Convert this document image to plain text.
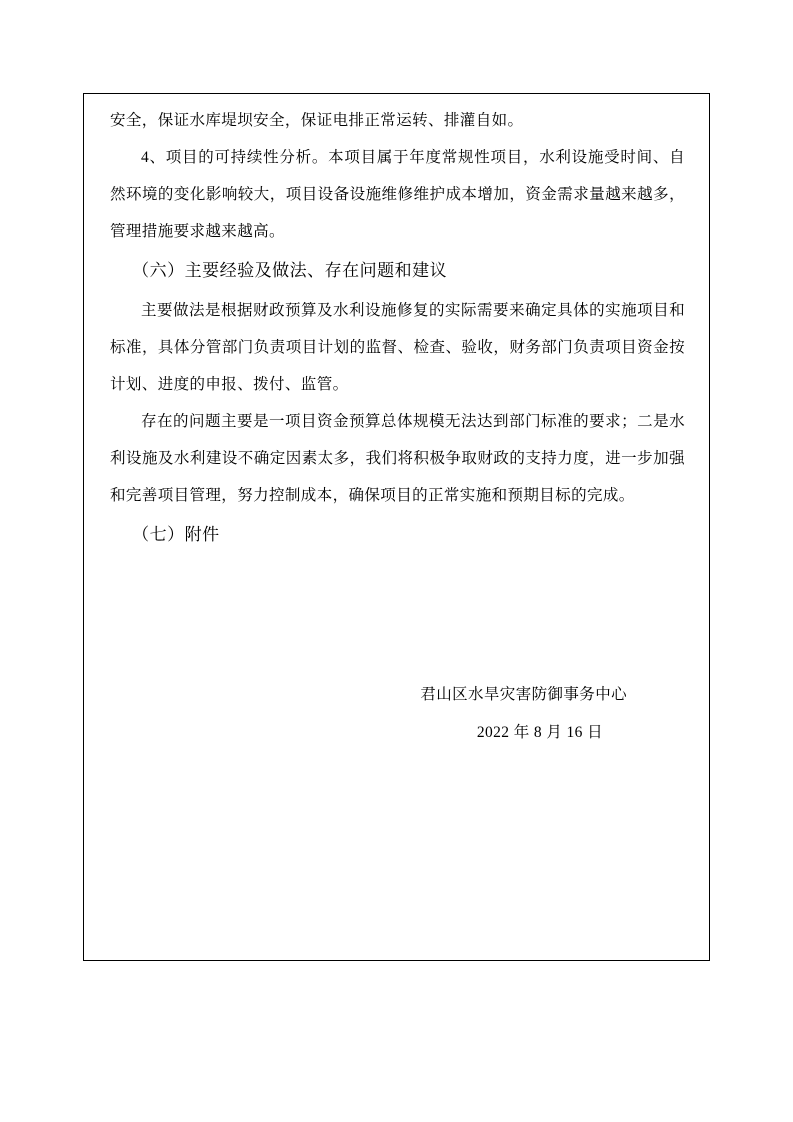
安全，保证水库堤坝安全，保证电排正常运转、排灌自如。

4、项目的可持续性分析。本项目属于年度常规性项目，水利设施受时间、自然环境的变化影响较大，项目设备设施维修维护成本增加，资金需求量越来越多，管理措施要求越来越高。

（六）主要经验及做法、存在问题和建议

主要做法是根据财政预算及水利设施修复的实际需要来确定具体的实施项目和标准，具体分管部门负责项目计划的监督、检查、验收，财务部门负责项目资金按计划、进度的申报、拨付、监管。

存在的问题主要是一项目资金预算总体规模无法达到部门标准的要求；二是水利设施及水利建设不确定因素太多，我们将积极争取财政的支持力度，进一步加强和完善项目管理，努力控制成本，确保项目的正常实施和预期目标的完成。

（七）附件

君山区水旱灾害防御事务中心

2022 年 8 月 16 日
